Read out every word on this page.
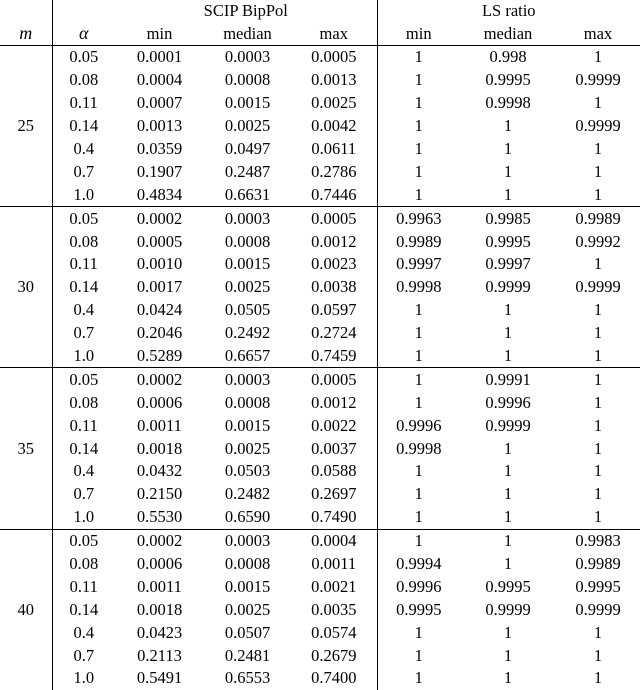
		SCIP BipPol			LS ratio		
m	α	min	median	max	min	median	max
25	0.05	0.0001	0.0003	0.0005	1	0.998	1
	0.08	0.0004	0.0008	0.0013	1	0.9995	0.9999
	0.11	0.0007	0.0015	0.0025	1	0.9998	1
	0.14	0.0013	0.0025	0.0042	1	1	0.9999
	0.4	0.0359	0.0497	0.0611	1	1	1
	0.7	0.1907	0.2487	0.2786	1	1	1
	1.0	0.4834	0.6631	0.7446	1	1	1
30	0.05	0.0002	0.0003	0.0005	0.9963	0.9985	0.9989
	0.08	0.0005	0.0008	0.0012	0.9989	0.9995	0.9992
	0.11	0.0010	0.0015	0.0023	0.9997	0.9997	1
	0.14	0.0017	0.0025	0.0038	0.9998	0.9999	0.9999
	0.4	0.0424	0.0505	0.0597	1	1	1
	0.7	0.2046	0.2492	0.2724	1	1	1
	1.0	0.5289	0.6657	0.7459	1	1	1
35	0.05	0.0002	0.0003	0.0005	1	0.9991	1
	0.08	0.0006	0.0008	0.0012	1	0.9996	1
	0.11	0.0011	0.0015	0.0022	0.9996	0.9999	1
	0.14	0.0018	0.0025	0.0037	0.9998	1	1
	0.4	0.0432	0.0503	0.0588	1	1	1
	0.7	0.2150	0.2482	0.2697	1	1	1
	1.0	0.5530	0.6590	0.7490	1	1	1
40	0.05	0.0002	0.0003	0.0004	1	1	0.9983
	0.08	0.0006	0.0008	0.0011	0.9994	1	0.9989
	0.11	0.0011	0.0015	0.0021	0.9996	0.9995	0.9995
	0.14	0.0018	0.0025	0.0035	0.9995	0.9999	0.9999
	0.4	0.0423	0.0507	0.0574	1	1	1
	0.7	0.2113	0.2481	0.2679	1	1	1
	1.0	0.5491	0.6553	0.7400	1	1	1
